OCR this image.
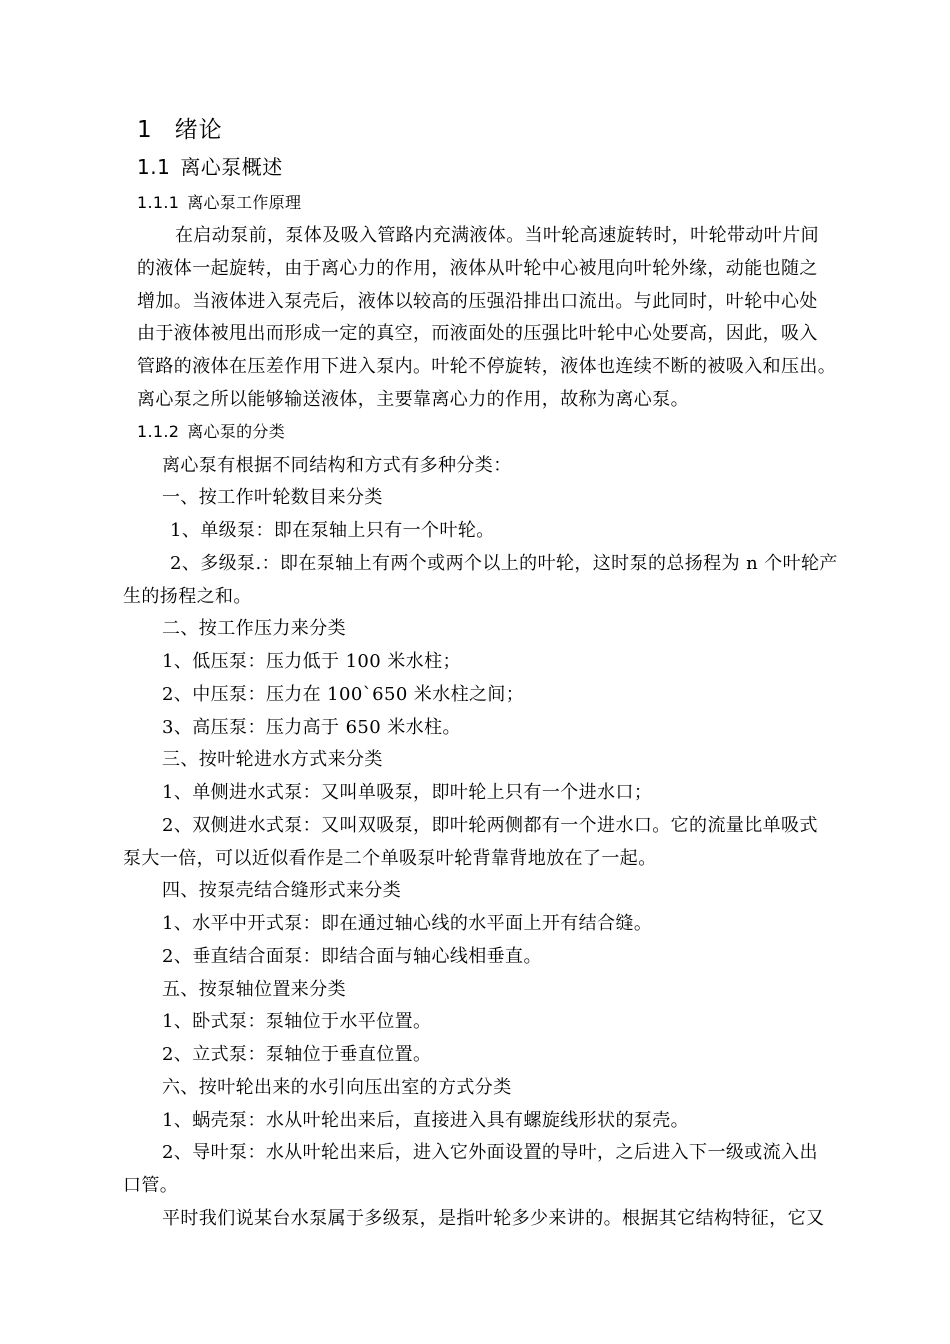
1 绪论
1.1 离心泵概述
1.1.1 离心泵工作原理
在启动泵前，泵体及吸入管路内充满液体。当叶轮高速旋转时，叶轮带动叶片间
的液体一起旋转，由于离心力的作用，液体从叶轮中心被甩向叶轮外缘，动能也随之
增加。当液体进入泵壳后，液体以较高的压强沿排出口流出。与此同时，叶轮中心处
由于液体被甩出而形成一定的真空，而液面处的压强比叶轮中心处要高，因此，吸入
管路的液体在压差作用下进入泵内。叶轮不停旋转，液体也连续不断的被吸入和压出。
离心泵之所以能够输送液体，主要靠离心力的作用，故称为离心泵。
1.1.2 离心泵的分类
离心泵有根据不同结构和方式有多种分类：
一、按工作叶轮数目来分类
1、单级泵：即在泵轴上只有一个叶轮。
2、多级泵.：即在泵轴上有两个或两个以上的叶轮，这时泵的总扬程为 n 个叶轮产
生的扬程之和。
二、按工作压力来分类
1、低压泵：压力低于 100 米水柱；
2、中压泵：压力在 100`650 米水柱之间；
3、高压泵：压力高于 650 米水柱。
三、按叶轮进水方式来分类
1、单侧进水式泵：又叫单吸泵，即叶轮上只有一个进水口；
2、双侧进水式泵：又叫双吸泵，即叶轮两侧都有一个进水口。它的流量比单吸式
泵大一倍，可以近似看作是二个单吸泵叶轮背靠背地放在了一起。
四、按泵壳结合缝形式来分类
1、水平中开式泵：即在通过轴心线的水平面上开有结合缝。
2、垂直结合面泵：即结合面与轴心线相垂直。
五、按泵轴位置来分类
1、卧式泵：泵轴位于水平位置。
2、立式泵：泵轴位于垂直位置。
六、按叶轮出来的水引向压出室的方式分类
1、蜗壳泵：水从叶轮出来后，直接进入具有螺旋线形状的泵壳。
2、导叶泵：水从叶轮出来后，进入它外面设置的导叶，之后进入下一级或流入出
口管。
平时我们说某台水泵属于多级泵，是指叶轮多少来讲的。根据其它结构特征，它又
